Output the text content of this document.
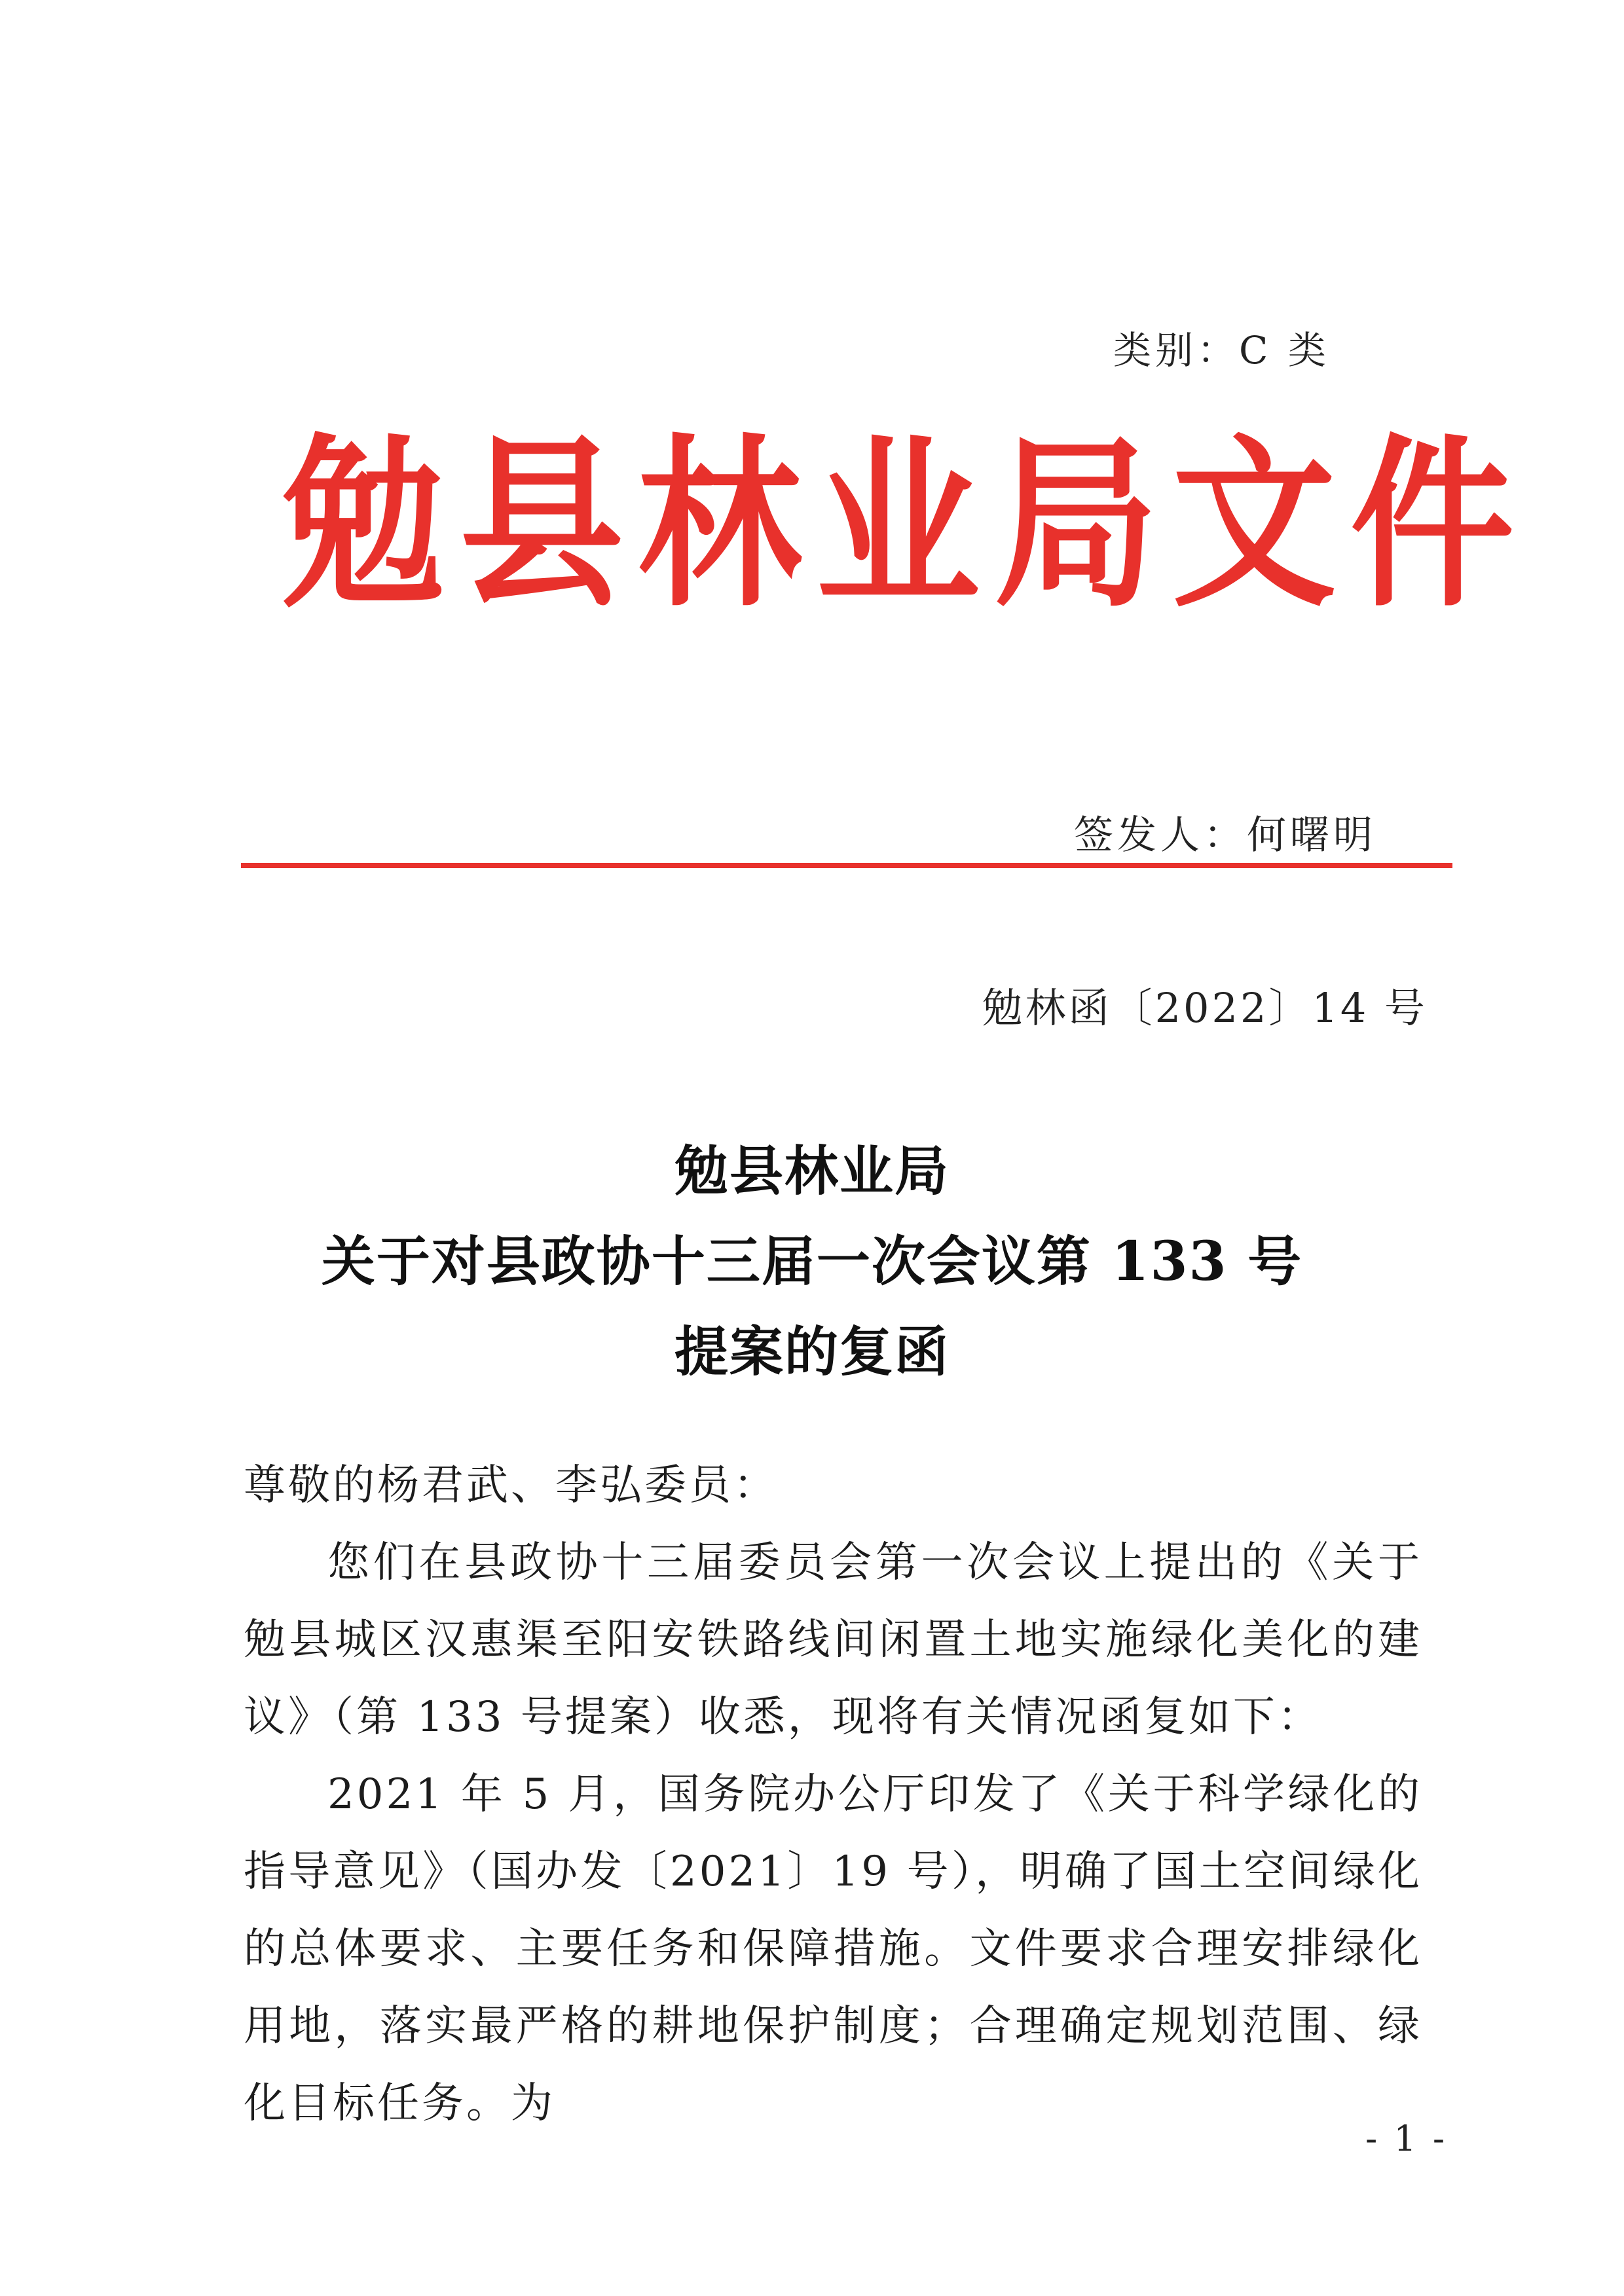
类别：C 类
勉县林业局文件
签发人：何曙明
勉林函〔2022〕14 号
勉县林业局
关于对县政协十三届一次会议第 133 号
提案的复函
尊敬的杨君武、李弘委员：
您们在县政协十三届委员会第一次会议上提出的《关于勉县城区汉惠渠至阳安铁路线间闲置土地实施绿化美化的建议》（第 133 号提案）收悉，现将有关情况函复如下：
2021 年 5 月，国务院办公厅印发了《关于科学绿化的指导意见》（国办发〔2021〕19 号），明确了国土空间绿化的总体要求、主要任务和保障措施。文件要求合理安排绿化用地，落实最严格的耕地保护制度；合理确定规划范围、绿化目标任务。为
- 1 -
